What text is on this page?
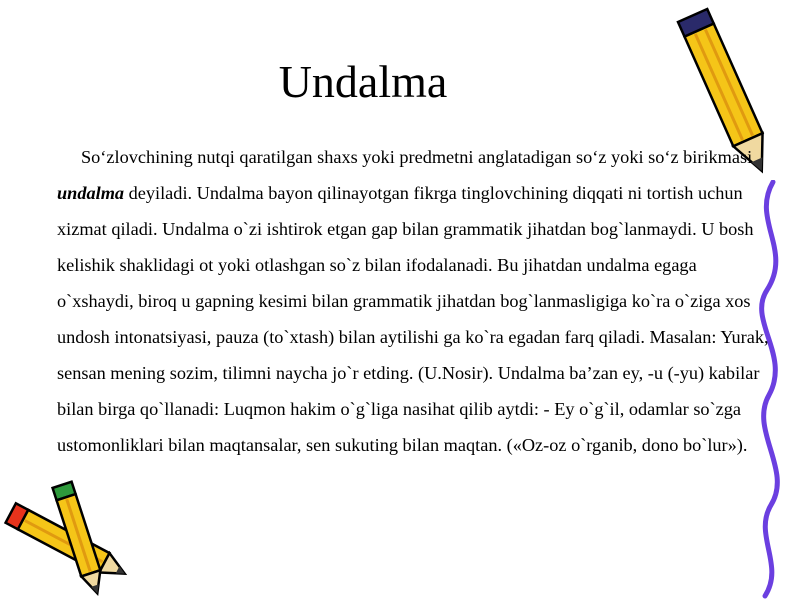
Undalma

So‘zlovchining nutqi qaratilgan shaxs yoki predmetni anglatadigan so‘z yoki so‘z birikmasi undalma deyiladi. Undalma bayon qilinayotgan fikrga tinglovchining diqqati ni tortish uchun xizmat qiladi. Undalma o`zi ishtirok etgan gap bilan grammatik jihatdan bog`lanmaydi. U bosh kelishik shaklidagi ot yoki otlashgan so`z bilan ifodalanadi. Bu jihatdan undalma egaga o`xshaydi, biroq u gapning kesimi bilan grammatik jihatdan bog`lanmasligiga ko`ra o`ziga xos undosh intonatsiyasi, pauza (to`xtash) bilan aytilishi ga ko`ra egadan farq qiladi. Masalan: Yurak, sensan mening sozim, tilimni naycha jo`r etding. (U.Nosir). Undalma ba’zan ey, -u (-yu) kabilar bilan birga qo`llanadi: Luqmon hakim o`g`liga nasihat qilib aytdi: - Ey o`g`il, odamlar so`zga ustomonliklari bilan maqtansalar, sen sukuting bilan maqtan. («Oz-oz o`rganib, dono bo`lur»).
